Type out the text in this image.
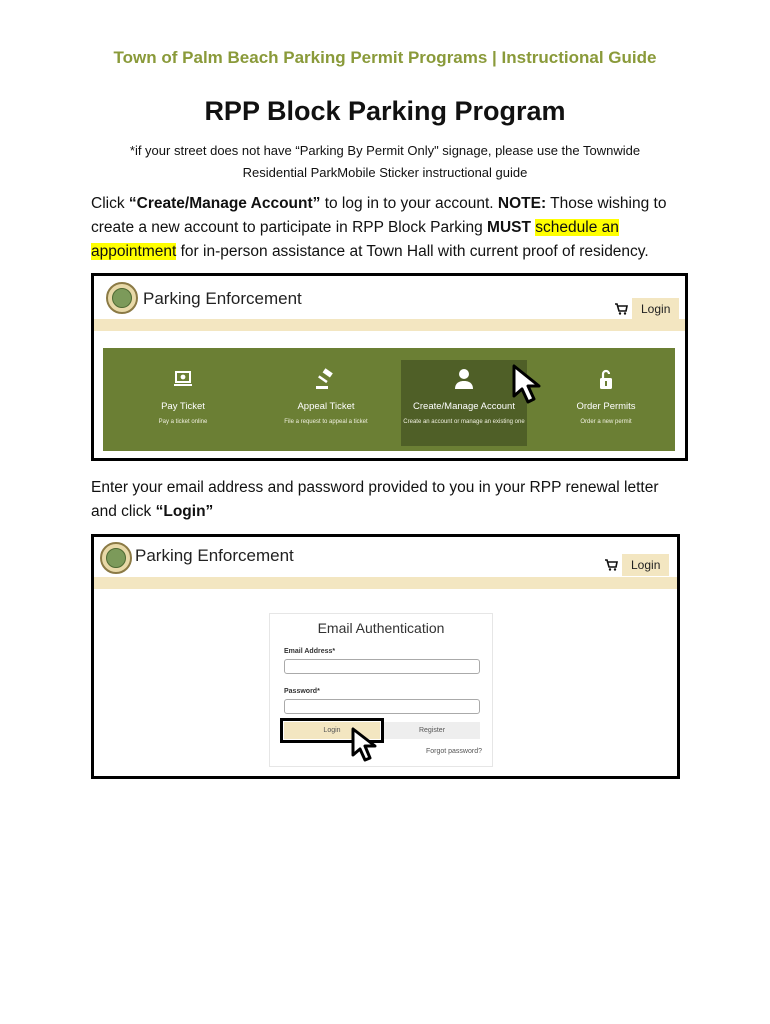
Town of Palm Beach Parking Permit Programs | Instructional Guide
RPP Block Parking Program
*if your street does not have “Parking By Permit Only" signage, please use the Townwide
Residential ParkMobile Sticker instructional guide
Click “Create/Manage Account” to log in to your account. NOTE: Those wishing to create a new account to participate in RPP Block Parking MUST schedule an appointment for in-person assistance at Town Hall with current proof of residency.
Parking Enforcement
Login
Pay Ticket
Pay a ticket online
Appeal Ticket
File a request to appeal a ticket
Create/Manage Account
Create an account or manage an existing one
Order Permits
Order a new permit
Enter your email address and password provided to you in your RPP renewal letter and click “Login”
Parking Enforcement	Login
Email Authentication
Email Address*
Password*
Login	Register
Forgot password?
